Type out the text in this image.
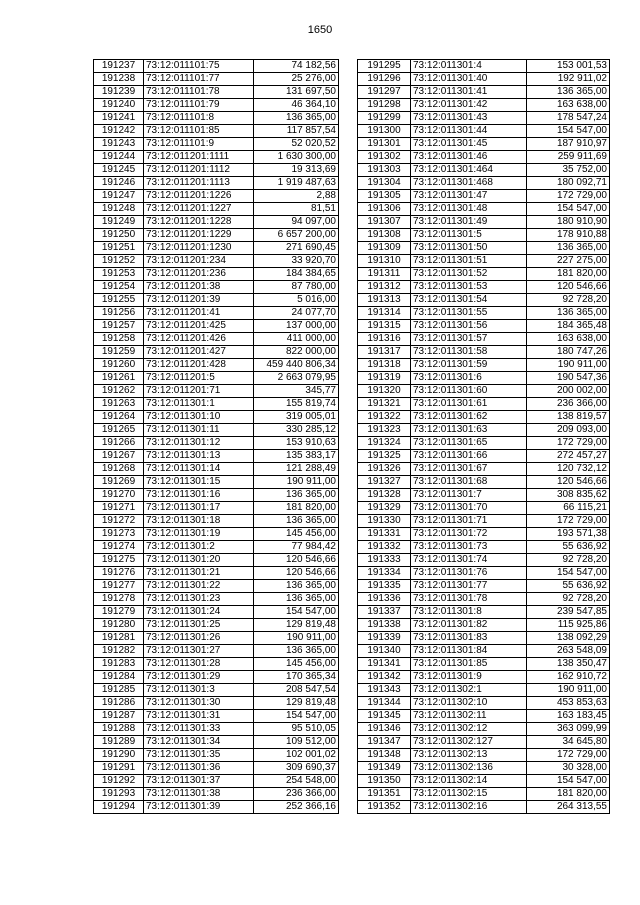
1650
191237	73:12:011101:75	74 182,56
191238	73:12:011101:77	25 276,00
191239	73:12:011101:78	131 697,50
191240	73:12:011101:79	46 364,10
191241	73:12:011101:8	136 365,00
191242	73:12:011101:85	117 857,54
191243	73:12:011101:9	52 020,52
191244	73:12:011201:1111	1 630 300,00
191245	73:12:011201:1112	19 313,69
191246	73:12:011201:1113	1 919 487,63
191247	73:12:011201:1226	2,88
191248	73:12:011201:1227	81,51
191249	73:12:011201:1228	94 097,00
191250	73:12:011201:1229	6 657 200,00
191251	73:12:011201:1230	271 690,45
191252	73:12:011201:234	33 920,70
191253	73:12:011201:236	184 384,65
191254	73:12:011201:38	87 780,00
191255	73:12:011201:39	5 016,00
191256	73:12:011201:41	24 077,70
191257	73:12:011201:425	137 000,00
191258	73:12:011201:426	411 000,00
191259	73:12:011201:427	822 000,00
191260	73:12:011201:428	459 440 806,34
191261	73:12:011201:5	2 663 079,95
191262	73:12:011201:71	345,77
191263	73:12:011301:1	155 819,74
191264	73:12:011301:10	319 005,01
191265	73:12:011301:11	330 285,12
191266	73:12:011301:12	153 910,63
191267	73:12:011301:13	135 383,17
191268	73:12:011301:14	121 288,49
191269	73:12:011301:15	190 911,00
191270	73:12:011301:16	136 365,00
191271	73:12:011301:17	181 820,00
191272	73:12:011301:18	136 365,00
191273	73:12:011301:19	145 456,00
191274	73:12:011301:2	77 984,42
191275	73:12:011301:20	120 546,66
191276	73:12:011301:21	120 546,66
191277	73:12:011301:22	136 365,00
191278	73:12:011301:23	136 365,00
191279	73:12:011301:24	154 547,00
191280	73:12:011301:25	129 819,48
191281	73:12:011301:26	190 911,00
191282	73:12:011301:27	136 365,00
191283	73:12:011301:28	145 456,00
191284	73:12:011301:29	170 365,34
191285	73:12:011301:3	208 547,54
191286	73:12:011301:30	129 819,48
191287	73:12:011301:31	154 547,00
191288	73:12:011301:33	95 510,05
191289	73:12:011301:34	109 512,00
191290	73:12:011301:35	102 001,02
191291	73:12:011301:36	309 690,37
191292	73:12:011301:37	254 548,00
191293	73:12:011301:38	236 366,00
191294	73:12:011301:39	252 366,16
191295	73:12:011301:4	153 001,53
191296	73:12:011301:40	192 911,02
191297	73:12:011301:41	136 365,00
191298	73:12:011301:42	163 638,00
191299	73:12:011301:43	178 547,24
191300	73:12:011301:44	154 547,00
191301	73:12:011301:45	187 910,97
191302	73:12:011301:46	259 911,69
191303	73:12:011301:464	35 752,00
191304	73:12:011301:468	180 092,71
191305	73:12:011301:47	172 729,00
191306	73:12:011301:48	154 547,00
191307	73:12:011301:49	180 910,90
191308	73:12:011301:5	178 910,88
191309	73:12:011301:50	136 365,00
191310	73:12:011301:51	227 275,00
191311	73:12:011301:52	181 820,00
191312	73:12:011301:53	120 546,66
191313	73:12:011301:54	92 728,20
191314	73:12:011301:55	136 365,00
191315	73:12:011301:56	184 365,48
191316	73:12:011301:57	163 638,00
191317	73:12:011301:58	180 747,26
191318	73:12:011301:59	190 911,00
191319	73:12:011301:6	190 547,36
191320	73:12:011301:60	200 002,00
191321	73:12:011301:61	236 366,00
191322	73:12:011301:62	138 819,57
191323	73:12:011301:63	209 093,00
191324	73:12:011301:65	172 729,00
191325	73:12:011301:66	272 457,27
191326	73:12:011301:67	120 732,12
191327	73:12:011301:68	120 546,66
191328	73:12:011301:7	308 835,62
191329	73:12:011301:70	66 115,21
191330	73:12:011301:71	172 729,00
191331	73:12:011301:72	193 571,38
191332	73:12:011301:73	55 636,92
191333	73:12:011301:74	92 728,20
191334	73:12:011301:76	154 547,00
191335	73:12:011301:77	55 636,92
191336	73:12:011301:78	92 728,20
191337	73:12:011301:8	239 547,85
191338	73:12:011301:82	115 925,86
191339	73:12:011301:83	138 092,29
191340	73:12:011301:84	263 548,09
191341	73:12:011301:85	138 350,47
191342	73:12:011301:9	162 910,72
191343	73:12:011302:1	190 911,00
191344	73:12:011302:10	453 853,63
191345	73:12:011302:11	163 183,45
191346	73:12:011302:12	363 099,99
191347	73:12:011302:127	34 645,80
191348	73:12:011302:13	172 729,00
191349	73:12:011302:136	30 328,00
191350	73:12:011302:14	154 547,00
191351	73:12:011302:15	181 820,00
191352	73:12:011302:16	264 313,55
